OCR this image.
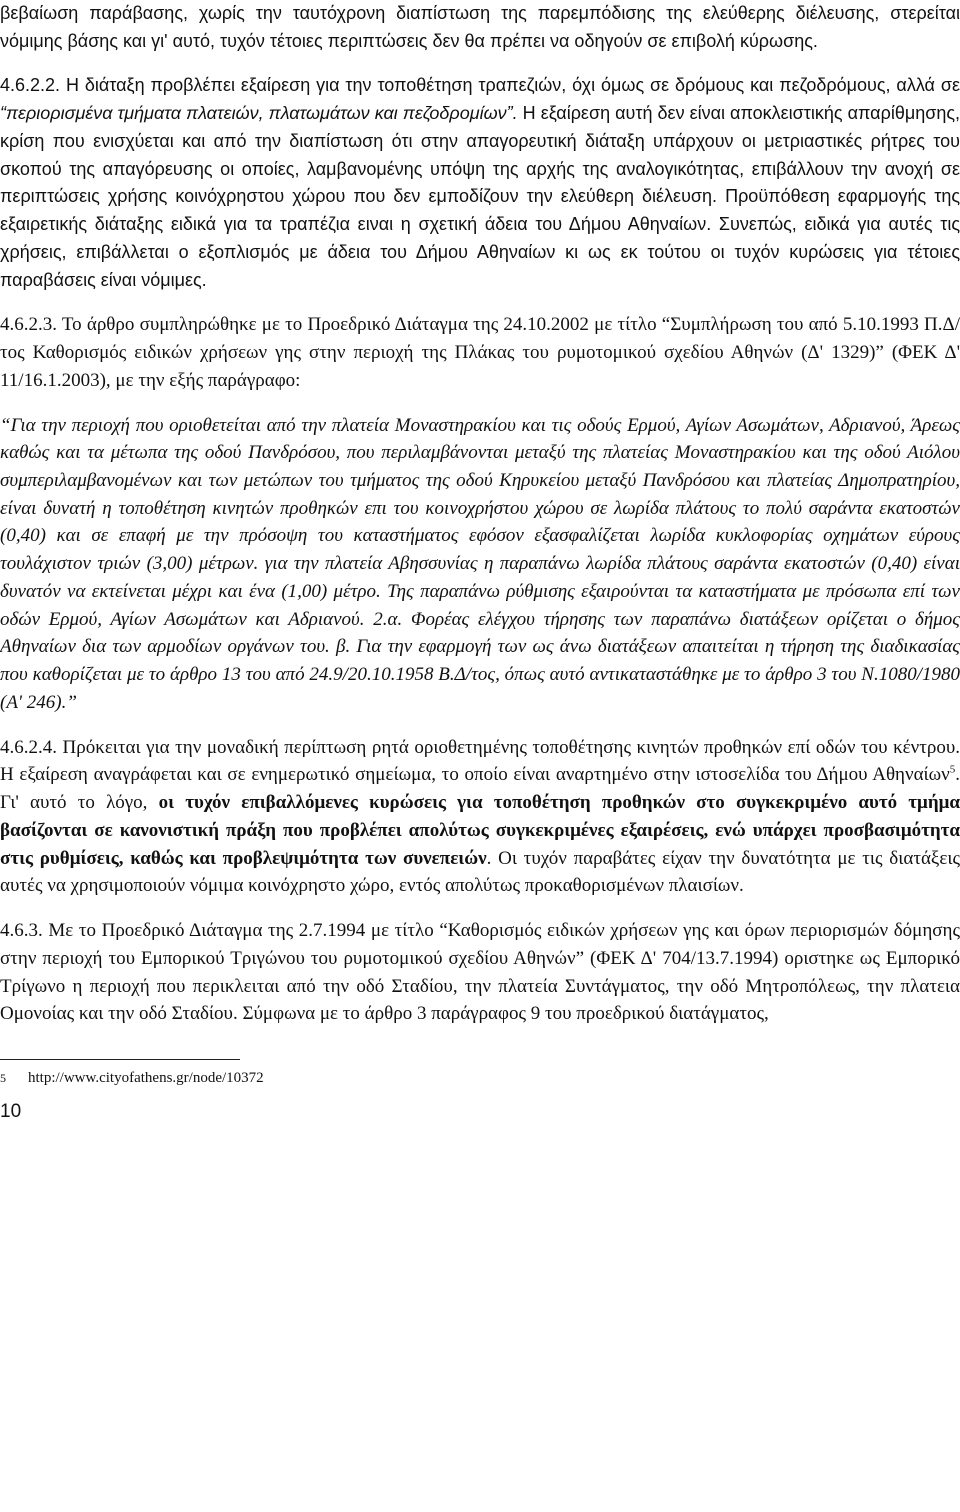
βεβαίωση παράβασης, χωρίς την ταυτόχρονη διαπίστωση της παρεμπόδισης της ελεύθερης διέλευσης, στερείται νόμιμης βάσης και γι' αυτό, τυχόν τέτοιες περιπτώσεις δεν θα πρέπει να οδηγούν σε επιβολή κύρωσης.

4.6.2.2. Η διάταξη προβλέπει εξαίρεση για την τοποθέτηση τραπεζιών, όχι όμως σε δρόμους και πεζοδρόμους, αλλά σε “περιορισμένα τμήματα πλατειών, πλατωμάτων και πεζοδρομίων”. Η εξαίρεση αυτή δεν είναι αποκλειστικής απαρίθμησης, κρίση που ενισχύεται και από την διαπίστωση ότι στην απαγορευτική διάταξη υπάρχουν οι μετριαστικές ρήτρες του σκοπού της απαγόρευσης οι οποίες, λαμβανομένης υπόψη της αρχής της αναλογικότητας, επιβάλλουν την ανοχή σε περιπτώσεις χρήσης κοινόχρηστου χώρου που δεν εμποδίζουν την ελεύθερη διέλευση. Προϋπόθεση εφαρμογής της εξαιρετικής διάταξης ειδικά για τα τραπέζια ειναι η σχετική άδεια του Δήμου Αθηναίων. Συνεπώς, ειδικά για αυτές τις χρήσεις, επιβάλλεται ο εξοπλισμός με άδεια του Δήμου Αθηναίων κι ως εκ τούτου οι τυχόν κυρώσεις για τέτοιες παραβάσεις είναι νόμιμες.

4.6.2.3. Το άρθρο συμπληρώθηκε με το Προεδρικό Διάταγμα της 24.10.2002 με τίτλο “Συμπλήρωση του από 5.10.1993 Π.Δ/τος Καθορισμός ειδικών χρήσεων γης στην περιοχή της Πλάκας του ρυμοτομικού σχεδίου Αθηνών (Δ' 1329)” (ΦΕΚ Δ' 11/16.1.2003), με την εξής παράγραφο:

“Για την περιοχή που οριοθετείται από την πλατεία Μοναστηρακίου και τις οδούς Ερμού, Αγίων Ασωμάτων, Αδριανού, Άρεως καθώς και τα μέτωπα της οδού Πανδρόσου, που περιλαμβάνονται μεταξύ της πλατείας Μοναστηρακίου και της οδού Αιόλου συμπεριλαμβανομένων και των μετώπων του τμήματος της οδού Κηρυκείου μεταξύ Πανδρόσου και πλατείας Δημοπρατηρίου, είναι δυνατή η τοποθέτηση κινητών προθηκών επι του κοινοχρήστου χώρου σε λωρίδα πλάτους το πολύ σαράντα εκατοστών (0,40) και σε επαφή με την πρόσοψη του καταστήματος εφόσον εξασφαλίζεται λωρίδα κυκλοφορίας οχημάτων εύρους τουλάχιστον τριών (3,00) μέτρων. για την πλατεία Αβησσυνίας η παραπάνω λωρίδα πλάτους σαράντα εκατοστών (0,40) είναι δυνατόν να εκτείνεται μέχρι και ένα (1,00) μέτρο. Της παραπάνω ρύθμισης εξαιρούνται τα καταστήματα με πρόσωπα επί των οδών Ερμού, Αγίων Ασωμάτων και Αδριανού. 2.α. Φορέας ελέγχου τήρησης των παραπάνω διατάξεων ορίζεται ο δήμος Αθηναίων δια των αρμοδίων οργάνων του. β. Για την εφαρμογή των ως άνω διατάξεων απαιτείται η τήρηση της διαδικασίας που καθορίζεται με το άρθρο 13 του από 24.9/20.10.1958 Β.Δ/τος, όπως αυτό αντικαταστάθηκε με το άρθρο 3 του Ν.1080/1980 (Α' 246).”

4.6.2.4. Πρόκειται για την μοναδική περίπτωση ρητά οριοθετημένης τοποθέτησης κινητών προθηκών επί οδών του κέντρου. Η εξαίρεση αναγράφεται και σε ενημερωτικό σημείωμα, το οποίο είναι αναρτημένο στην ιστοσελίδα του Δήμου Αθηναίων$^5$. Γι' αυτό το λόγο, οι τυχόν επιβαλλόμενες κυρώσεις για τοποθέτηση προθηκών στο συγκεκριμένο αυτό τμήμα βασίζονται σε κανονιστική πράξη που προβλέπει απολύτως συγκεκριμένες εξαιρέσεις, ενώ υπάρχει προσβασιμότητα στις ρυθμίσεις, καθώς και προβλεψιμότητα των συνεπειών. Οι τυχόν παραβάτες είχαν την δυνατότητα με τις διατάξεις αυτές να χρησιμοποιούν νόμιμα κοινόχρηστο χώρο, εντός απολύτως προκαθορισμένων πλαισίων.

4.6.3. Με το Προεδρικό Διάταγμα της 2.7.1994 με τίτλο “Καθορισμός ειδικών χρήσεων γης και όρων περιορισμών δόμησης στην περιοχή του Εμπορικού Τριγώνου του ρυμοτομικού σχεδίου Αθηνών” (ΦΕΚ Δ' 704/13.7.1994) οριστηκε ως Εμπορικό Τρίγωνο η περιοχή που περικλειται από την οδό Σταδίου, την πλατεία Συντάγματος, την οδό Μητροπόλεως, την πλατεια Ομονοίας και την οδό Σταδίου. Σύμφωνα με το άρθρο 3 παράγραφος 9 του προεδρικού διατάγματος,

5 http://www.cityofathens.gr/node/10372
10
